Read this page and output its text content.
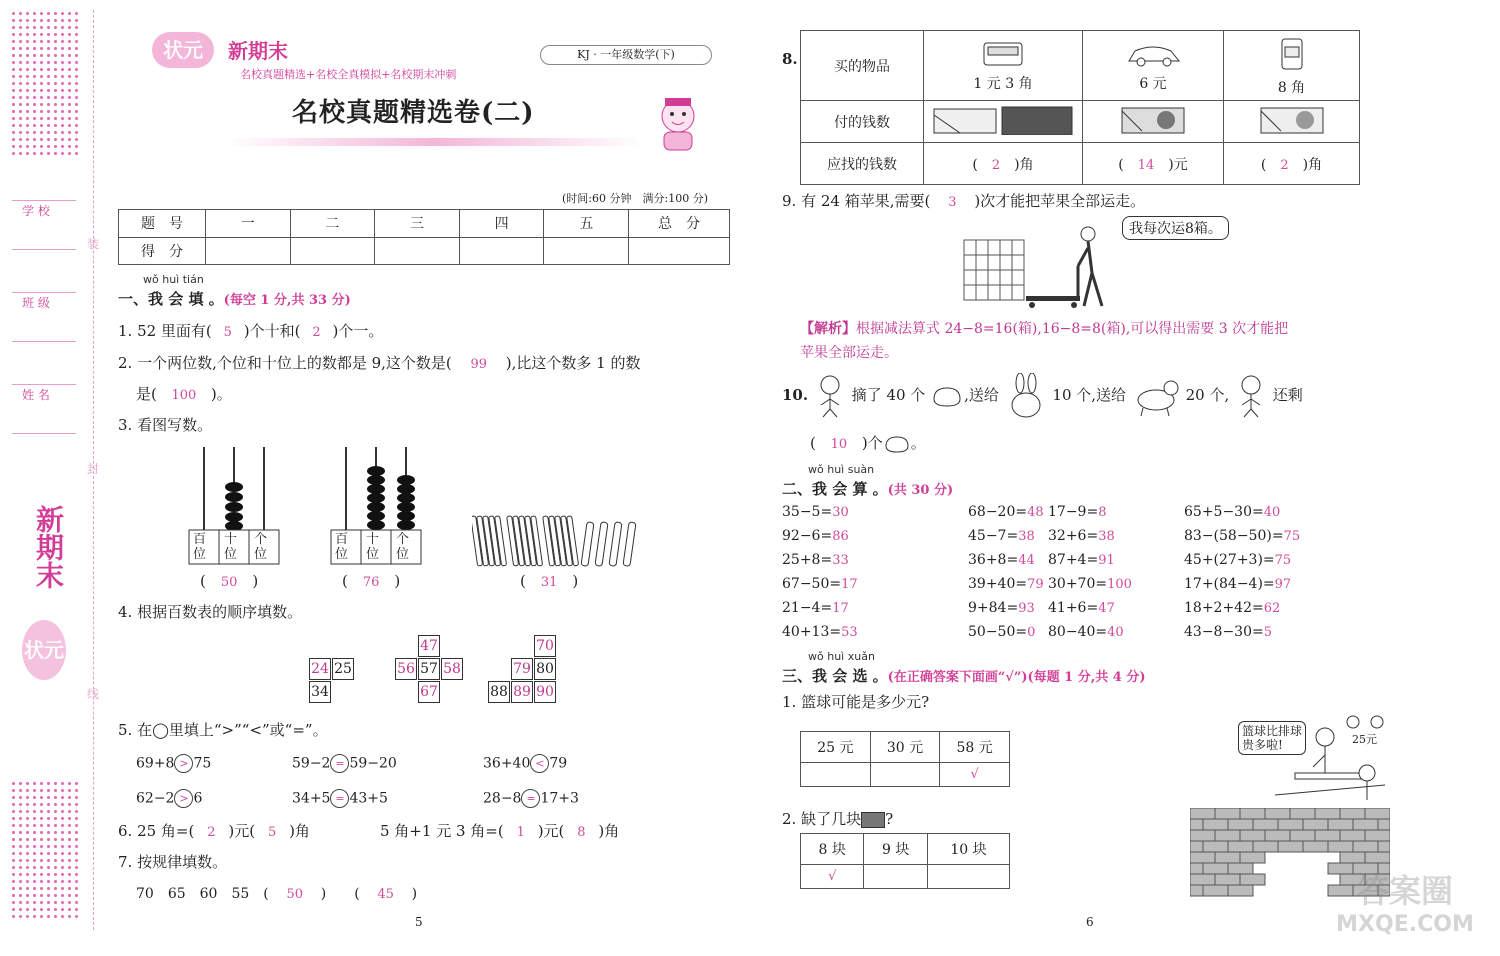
装
封
线
学 校
班 级
姓 名
新期末
状元
状元	新期末
名校真题精选+名校全真模拟+名校期末冲刺
KJ · 一年级数学(下)
名校真题精选卷(二)
(时间:60 分钟　满分:100 分)
题　号	一	二	三	四	五	总　分
得　分						
wǒ huì tián
一、我 会 填 。(每空 1 分,共 33 分)
1. 52 里面有( 5 )个十和( 2 )个一。
2. 一个两位数,个位和十位上的数都是 9,这个数是( 99 ),比这个数多 1 的数
是( 100 )。
3. 看图写数。
百位
十位
个位
(　50　)
百位
十位
个位
(　76　)	(　31　)
4. 根据百数表的顺序填数。
24 25
34
47
56 57 58
67
70
79 80
88 89 90
5. 在◯里填上“>”“<”或“=”。
69+8 > 75	59−2 = 59−20	36+40 < 79
62−2 > 6	34+5 = 43+5	28−8 = 17+3
6. 25 角=( 2 )元( 5 )角	5 角+1 元 3 角=( 1 )元( 8 )角
7. 按规律填数。
70　65　60　55　( 50 )　　( 45 )
5
8.	买的物品	1 元 3 角	6 元	8 角
付的钱数			
应找的钱数	(　2　)角	(　14　)元	(　2　)角
9. 有 24 箱苹果,需要( 3 )次才能把苹果全部运走。
我每次运8箱。
【解析】根据减法算式 24−8=16(箱),16−8=8(箱),可以得出需要 3 次才能把
苹果全部运走。
10.	摘了 40 个	,送给	10 个,送给	20 个,	还剩
( 10 )个 。
wǒ huì suàn
二、我 会 算 。(共 30 分)
35−5=30	68−20=48 17−9=8	65+5−30=40
92−6=86	45−7=38 32+6=38	83−(58−50)=75
25+8=33	36+8=44 87+4=91	45+(27+3)=75
67−50=17	39+40=79 30+70=100	17+(84−4)=97
21−4=17	9+84=93 41+6=47	18+2+42=62
40+13=53	50−50=0 80−40=40	43−8−30=5
wǒ huì xuǎn
三、我 会 选 。(在正确答案下面画“√”)(每题 1 分,共 4 分)
1. 篮球可能是多少元?
25 元	30 元	58 元
		√
篮球比排球贵多啦!	25元
2. 缺了几块 ?
8 块	9 块	10 块
√		
6
答案圈
MXQE.COM
